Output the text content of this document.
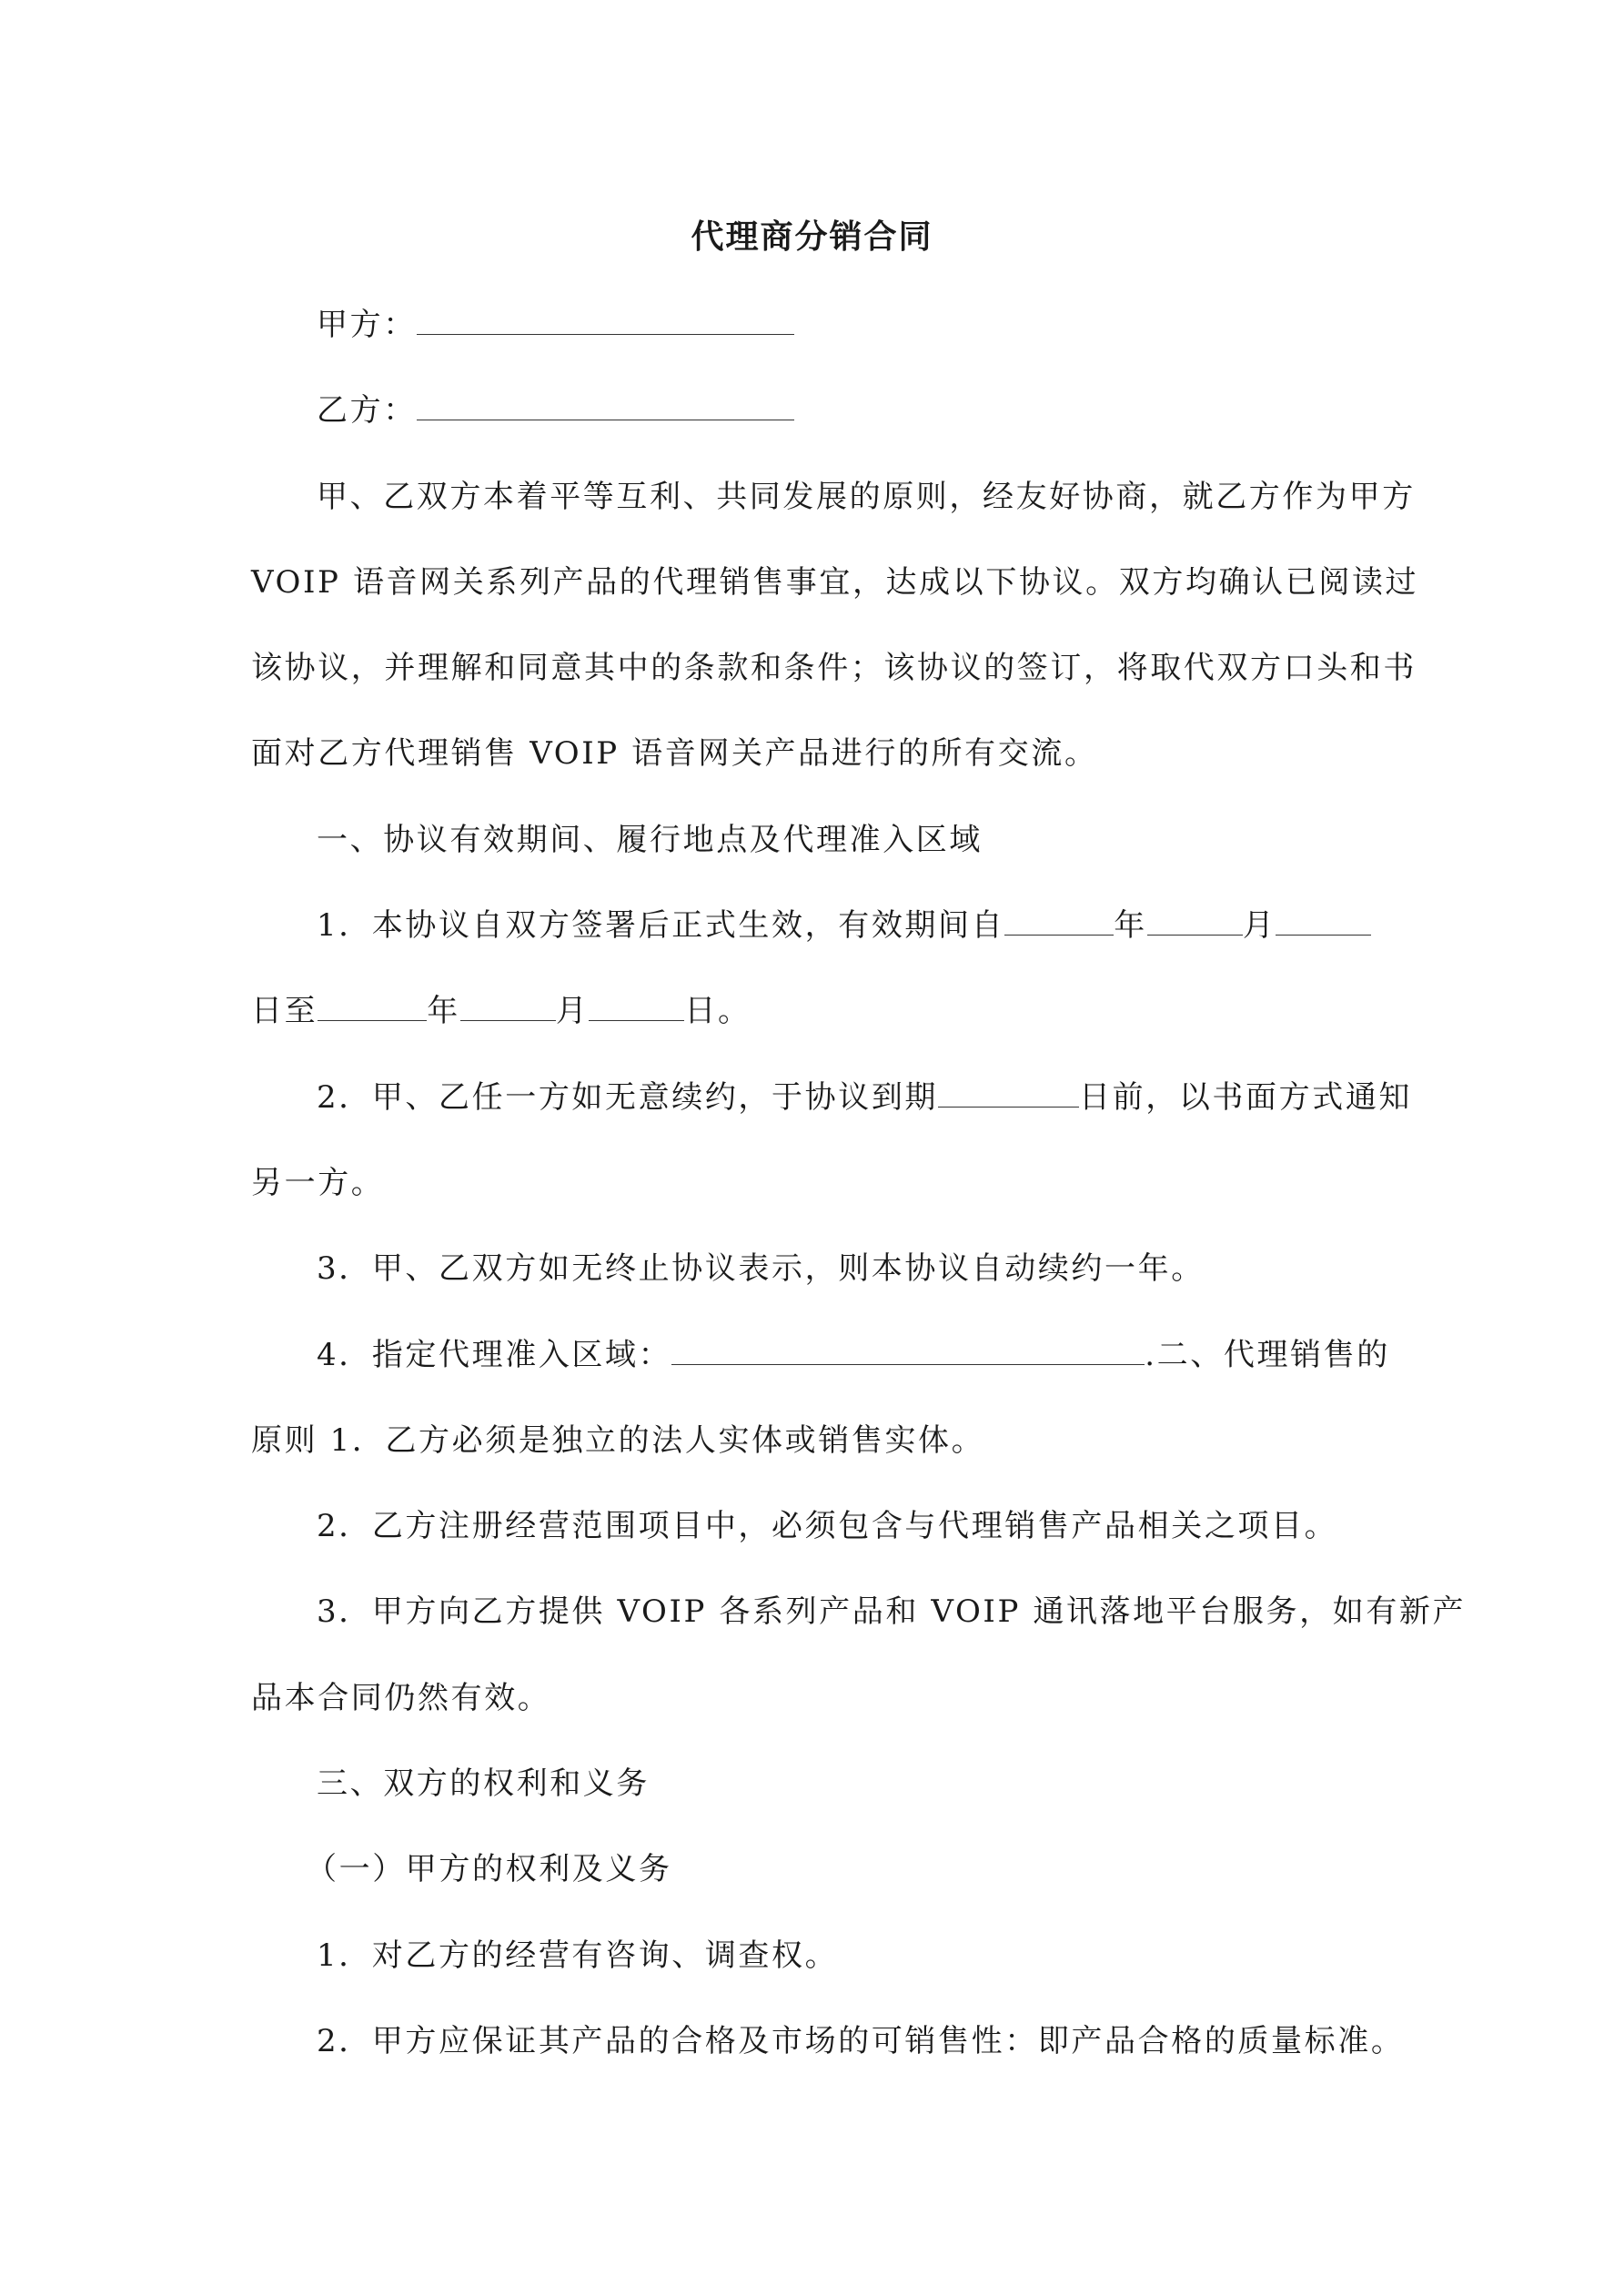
代理商分销合同
甲方：
乙方：
甲、乙双方本着平等互利、共同发展的原则，经友好协商，就乙方作为甲方
VOIP 语音网关系列产品的代理销售事宜，达成以下协议。双方均确认已阅读过
该协议，并理解和同意其中的条款和条件；该协议的签订，将取代双方口头和书
面对乙方代理销售 VOIP 语音网关产品进行的所有交流。
一、协议有效期间、履行地点及代理准入区域
1．本协议自双方签署后正式生效，有效期间自	年	月
日至	年	月	日。
2．甲、乙任一方如无意续约，于协议到期	日前，以书面方式通知
另一方。
3．甲、乙双方如无终止协议表示，则本协议自动续约一年。
4．指定代理准入区域：	.二、代理销售的
原则 1．乙方必须是独立的法人实体或销售实体。
2．乙方注册经营范围项目中，必须包含与代理销售产品相关之项目。
3．甲方向乙方提供 VOIP 各系列产品和 VOIP 通讯落地平台服务，如有新产
品本合同仍然有效。
三、双方的权利和义务
（一）甲方的权利及义务
1．对乙方的经营有咨询、调查权。
2．甲方应保证其产品的合格及市场的可销售性：即产品合格的质量标准。
